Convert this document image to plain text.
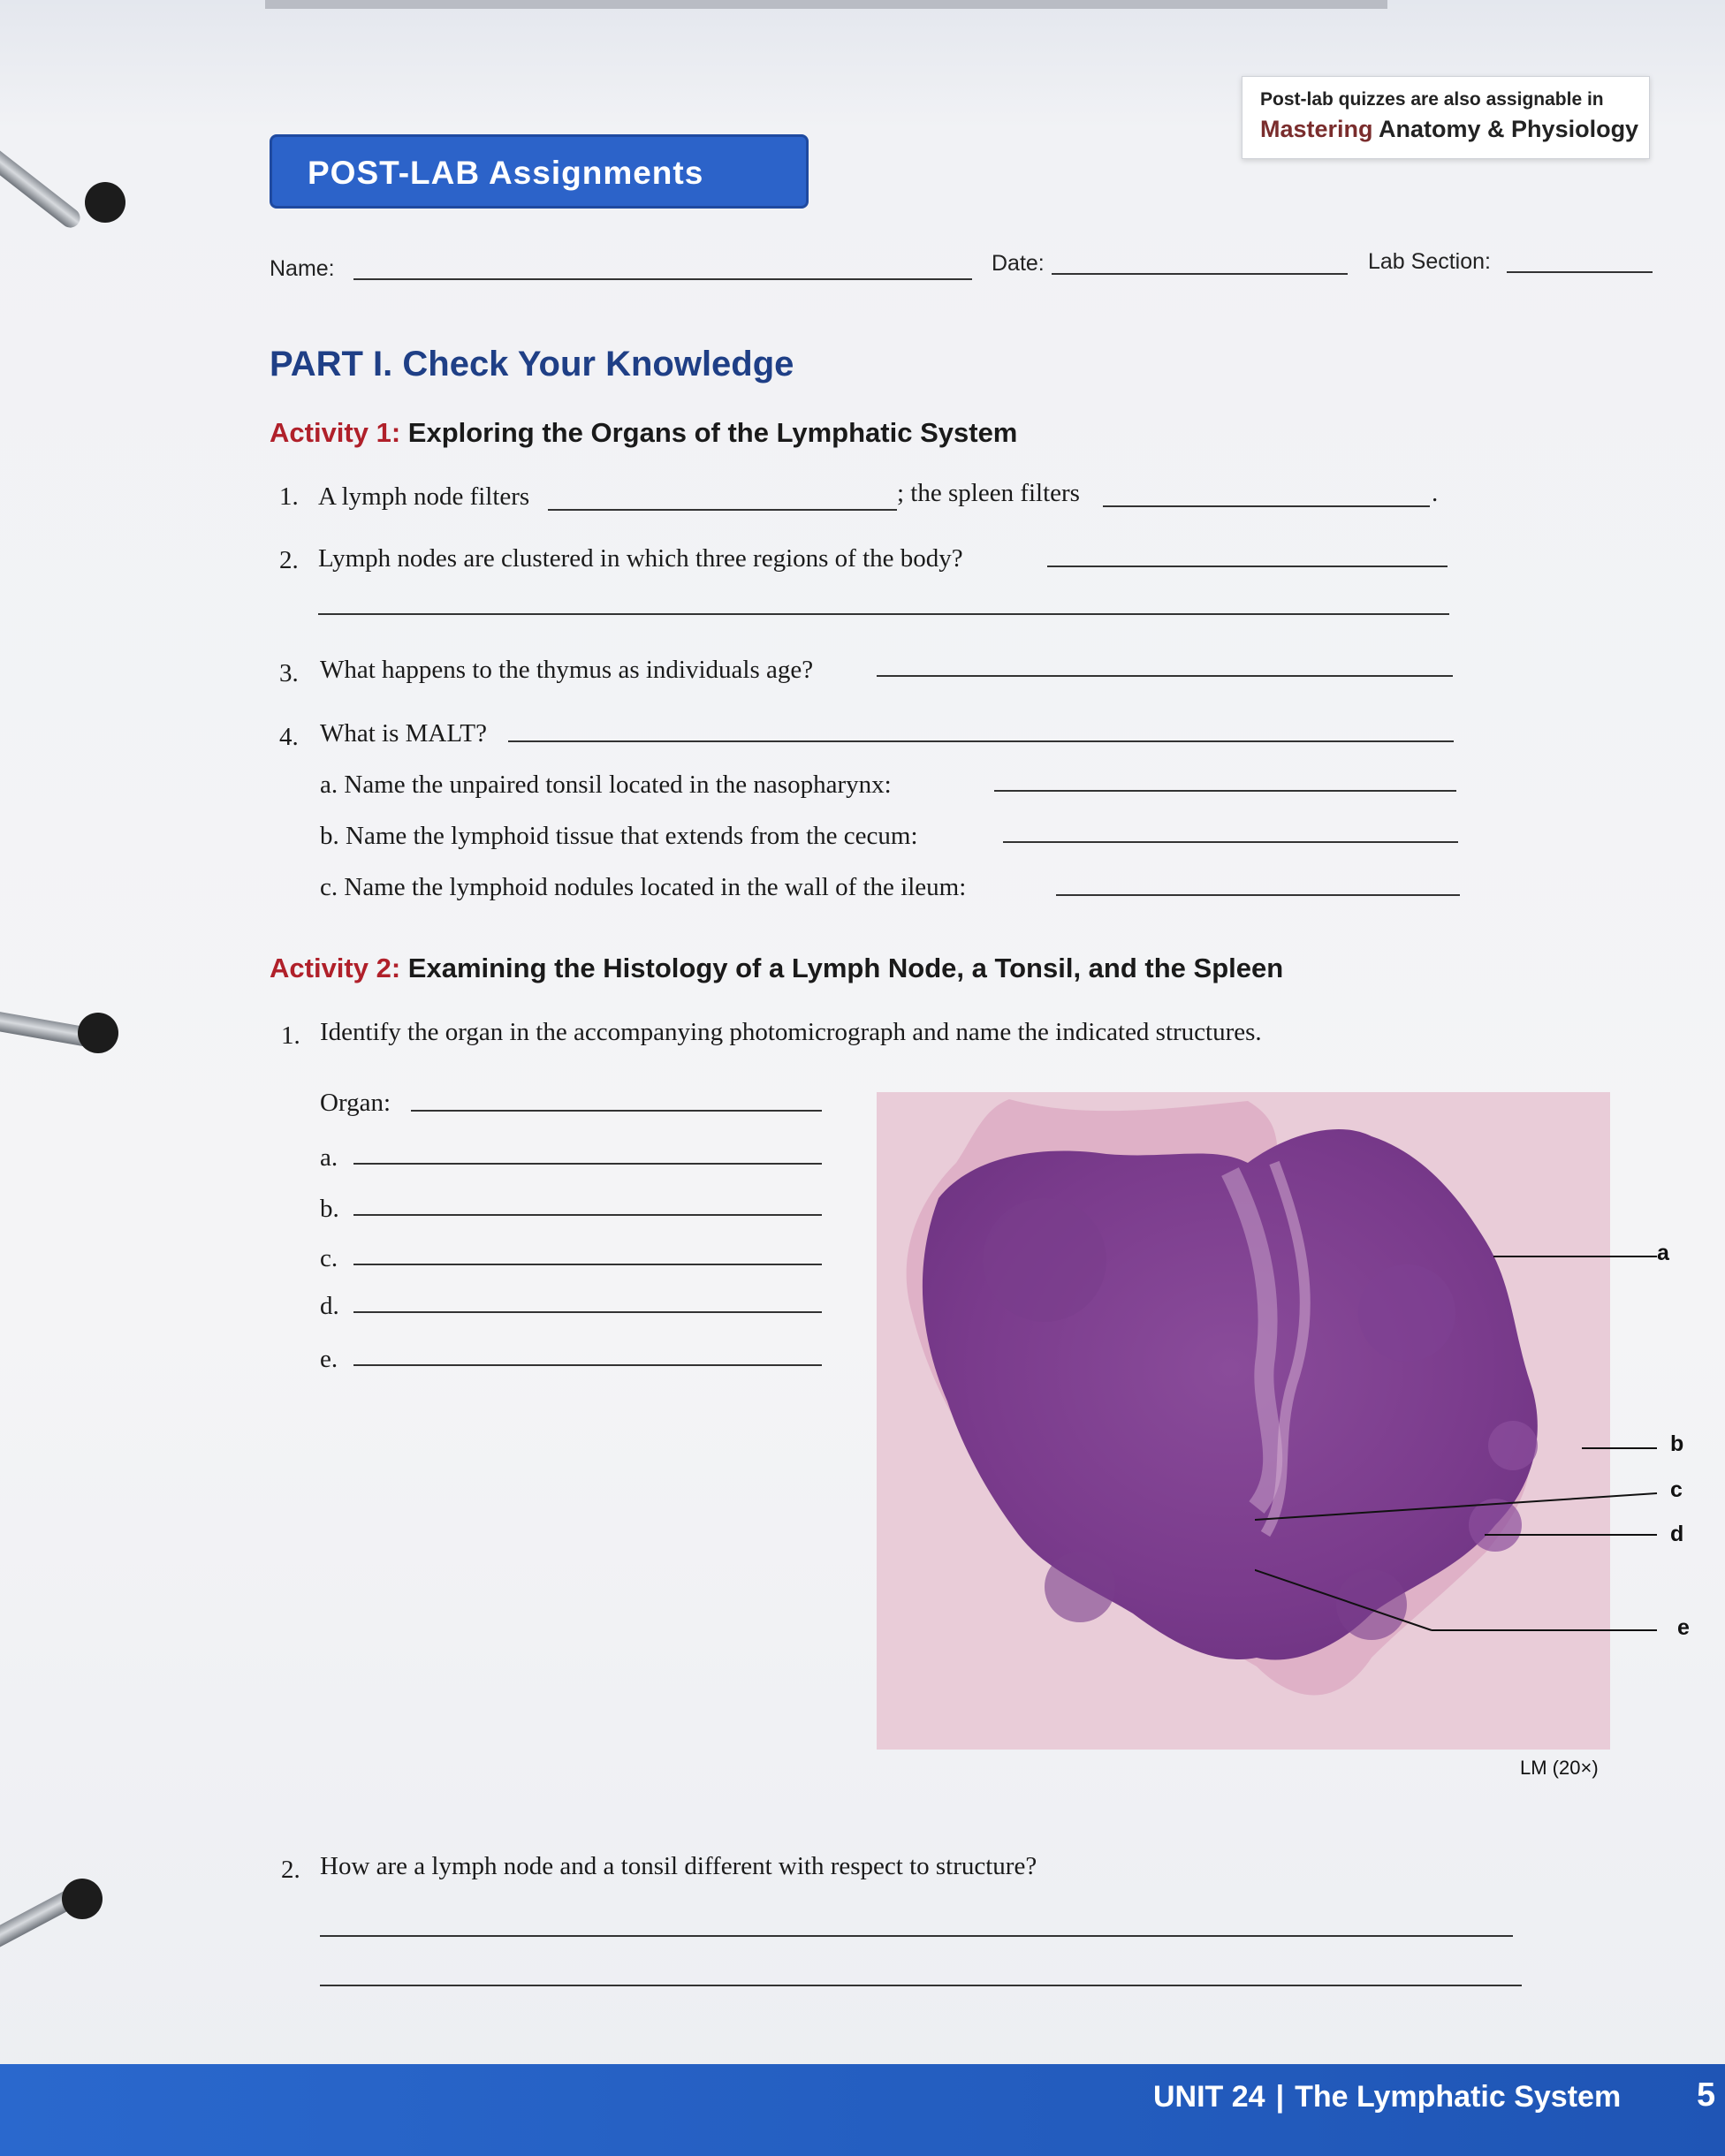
Post-lab quizzes are also assignable in
Mastering Anatomy & Physiology
POST-LAB Assignments
Name:	Date:	Lab Section:
PART I. Check Your Knowledge
Activity 1: Exploring the Organs of the Lymphatic System
1. A lymph node filters	; the spleen filters	.
2. Lymph nodes are clustered in which three regions of the body?
3. What happens to the thymus as individuals age?
4. What is MALT?
a. Name the unpaired tonsil located in the nasopharynx:
b. Name the lymphoid tissue that extends from the cecum:
c. Name the lymphoid nodules located in the wall of the ileum:
Activity 2: Examining the Histology of a Lymph Node, a Tonsil, and the Spleen
1. Identify the organ in the accompanying photomicrograph and name the indicated structures.
Organ:
a.
b.
c.
d.
e.
a
b
c
d
e
LM (20×)
2. How are a lymph node and a tonsil different with respect to structure?
UNIT 24 | The Lymphatic System 5
